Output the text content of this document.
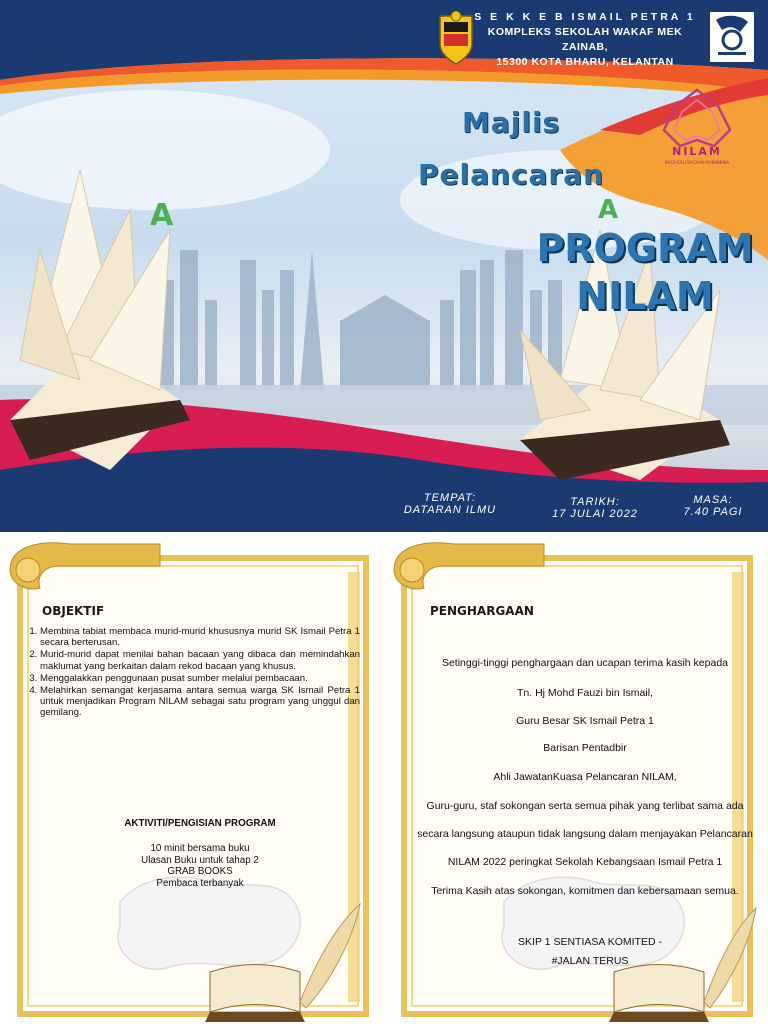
A	A
S E K K E B ISMAIL PETRA 1
KOMPLEKS SEKOLAH WAKAF MEK ZAINAB,
15300 KOTA BHARU, KELANTAN
Majlis
Pelancaran
PROGRAM
NILAM
NILAM
BACA KALI BACAAN MURABBIKA
TEMPAT:
DATARAN ILMU
TARIKH:
17 JULAI 2022
MASA:
7.40 PAGI
OBJEKTIF
1. Membina tabiat membaca murid-murid khususnya murid SK Ismail Petra 1 secara berterusan.
2. Murid-murid dapat menilai bahan bacaan yang dibaca dan memindahkan maklumat yang berkaitan dalam rekod bacaan yang khusus.
3. Menggalakkan penggunaan pusat sumber melalui pembacaan.
4. Melahirkan semangat kerjasama antara semua warga SK Ismail Petra 1 untuk menjadikan Program NILAM sebagai satu program yang unggul dan gemilang.
AKTIVITI/PENGISIAN PROGRAM
10 minit bersama buku
Ulasan Buku untuk tahap 2
GRAB BOOKS
Pembaca terbanyak
PENGHARGAAN
Setinggi-tinggi penghargaan dan ucapan terima kasih kepada
Tn. Hj Mohd Fauzi bin Ismail,
Guru Besar SK Ismail Petra 1
Barisan Pentadbir
Ahli JawatanKuasa Pelancaran NILAM,
Guru-guru, staf sokongan serta semua pihak yang terlibat sama ada
secara langsung ataupun tidak langsung dalam menjayakan Pelancaran
NILAM 2022 peringkat Sekolah Kebangsaan Ismail Petra 1
Terima Kasih atas sokongan, komitmen dan kebersamaan semua.
SKIP 1 SENTIASA KOMITED -
#JALAN TERUS
